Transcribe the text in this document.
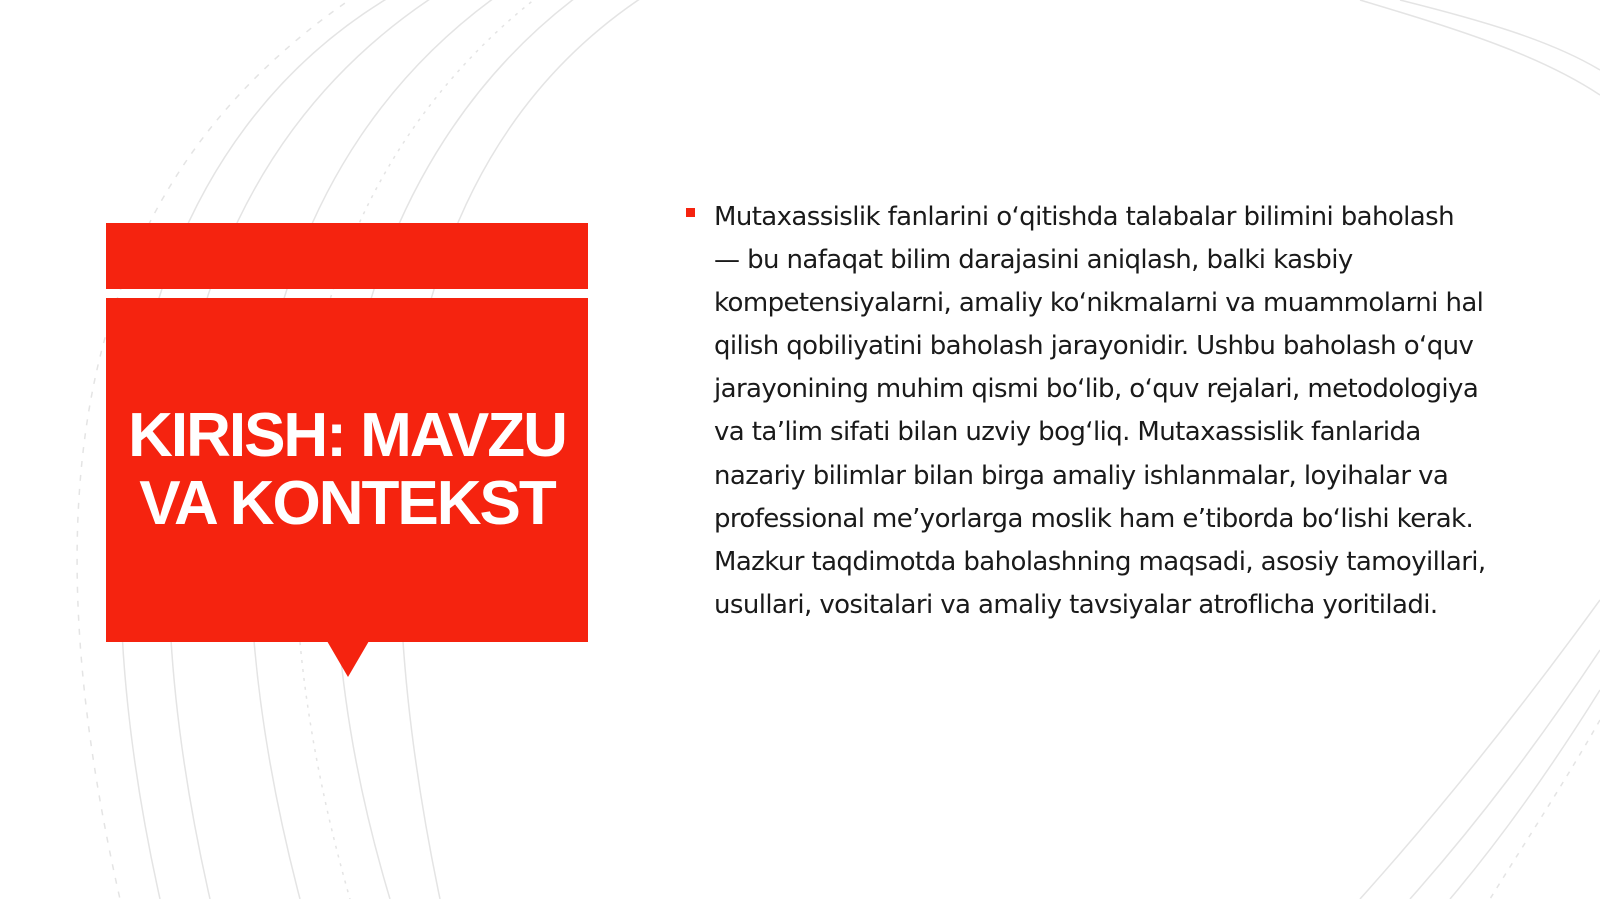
KIRISH: MAVZU VA KONTEKST

Mutaxassislik fanlarini oʻqitishda talabalar bilimini baholash — bu nafaqat bilim darajasini aniqlash, balki kasbiy kompetensiyalarni, amaliy koʻnikmalarni va muammolarni hal qilish qobiliyatini baholash jarayonidir. Ushbu baholash oʻquv jarayonining muhim qismi boʻlib, oʻquv rejalari, metodologiya va taʼlim sifati bilan uzviy bogʻliq. Mutaxassislik fanlarida nazariy bilimlar bilan birga amaliy ishlanmalar, loyihalar va professional meʼyorlarga moslik ham eʼtiborda boʻlishi kerak. Mazkur taqdimotda baholashning maqsadi, asosiy tamoyillari, usullari, vositalari va amaliy tavsiyalar atroflicha yoritiladi.
